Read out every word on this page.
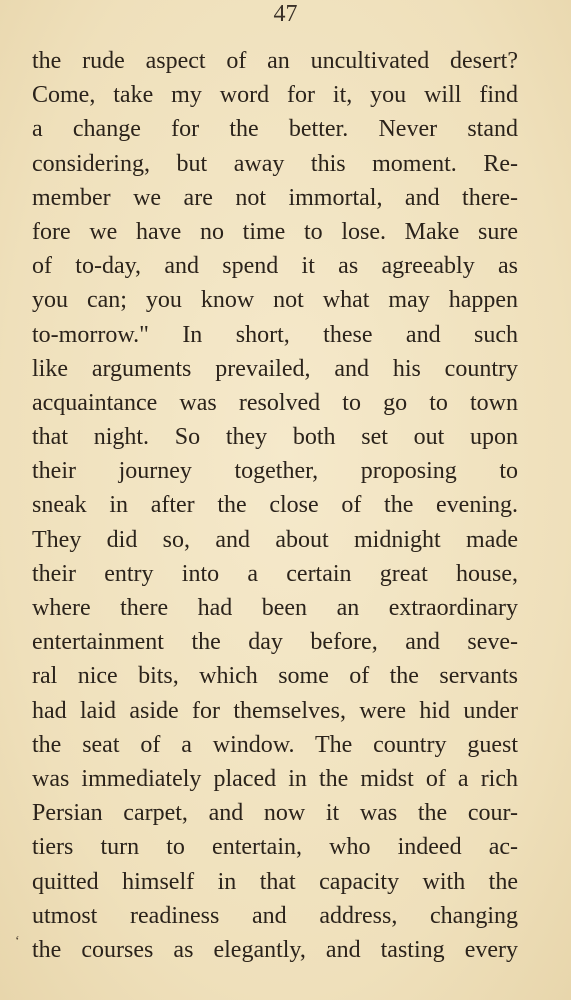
47
the rude aspect of an uncultivated desert?
Come, take my word for it, you will find
a change for the better. Never stand
considering, but away this moment. Re-
member we are not immortal, and there-
fore we have no time to lose. Make sure
of to-day, and spend it as agreeably as
you can; you know not what may happen
to-morrow." In short, these and such
like arguments prevailed, and his country
acquaintance was resolved to go to town
that night. So they both set out upon
their journey together, proposing to
sneak in after the close of the evening.
They did so, and about midnight made
their entry into a certain great house,
where there had been an extraordinary
entertainment the day before, and seve-
ral nice bits, which some of the servants
had laid aside for themselves, were hid under
the seat of a window. The country guest
was immediately placed in the midst of a rich
Persian carpet, and now it was the cour-
tiers turn to entertain, who indeed ac-
quitted himself in that capacity with the
utmost readiness and address, changing
the courses as elegantly, and tasting every
ʻ
